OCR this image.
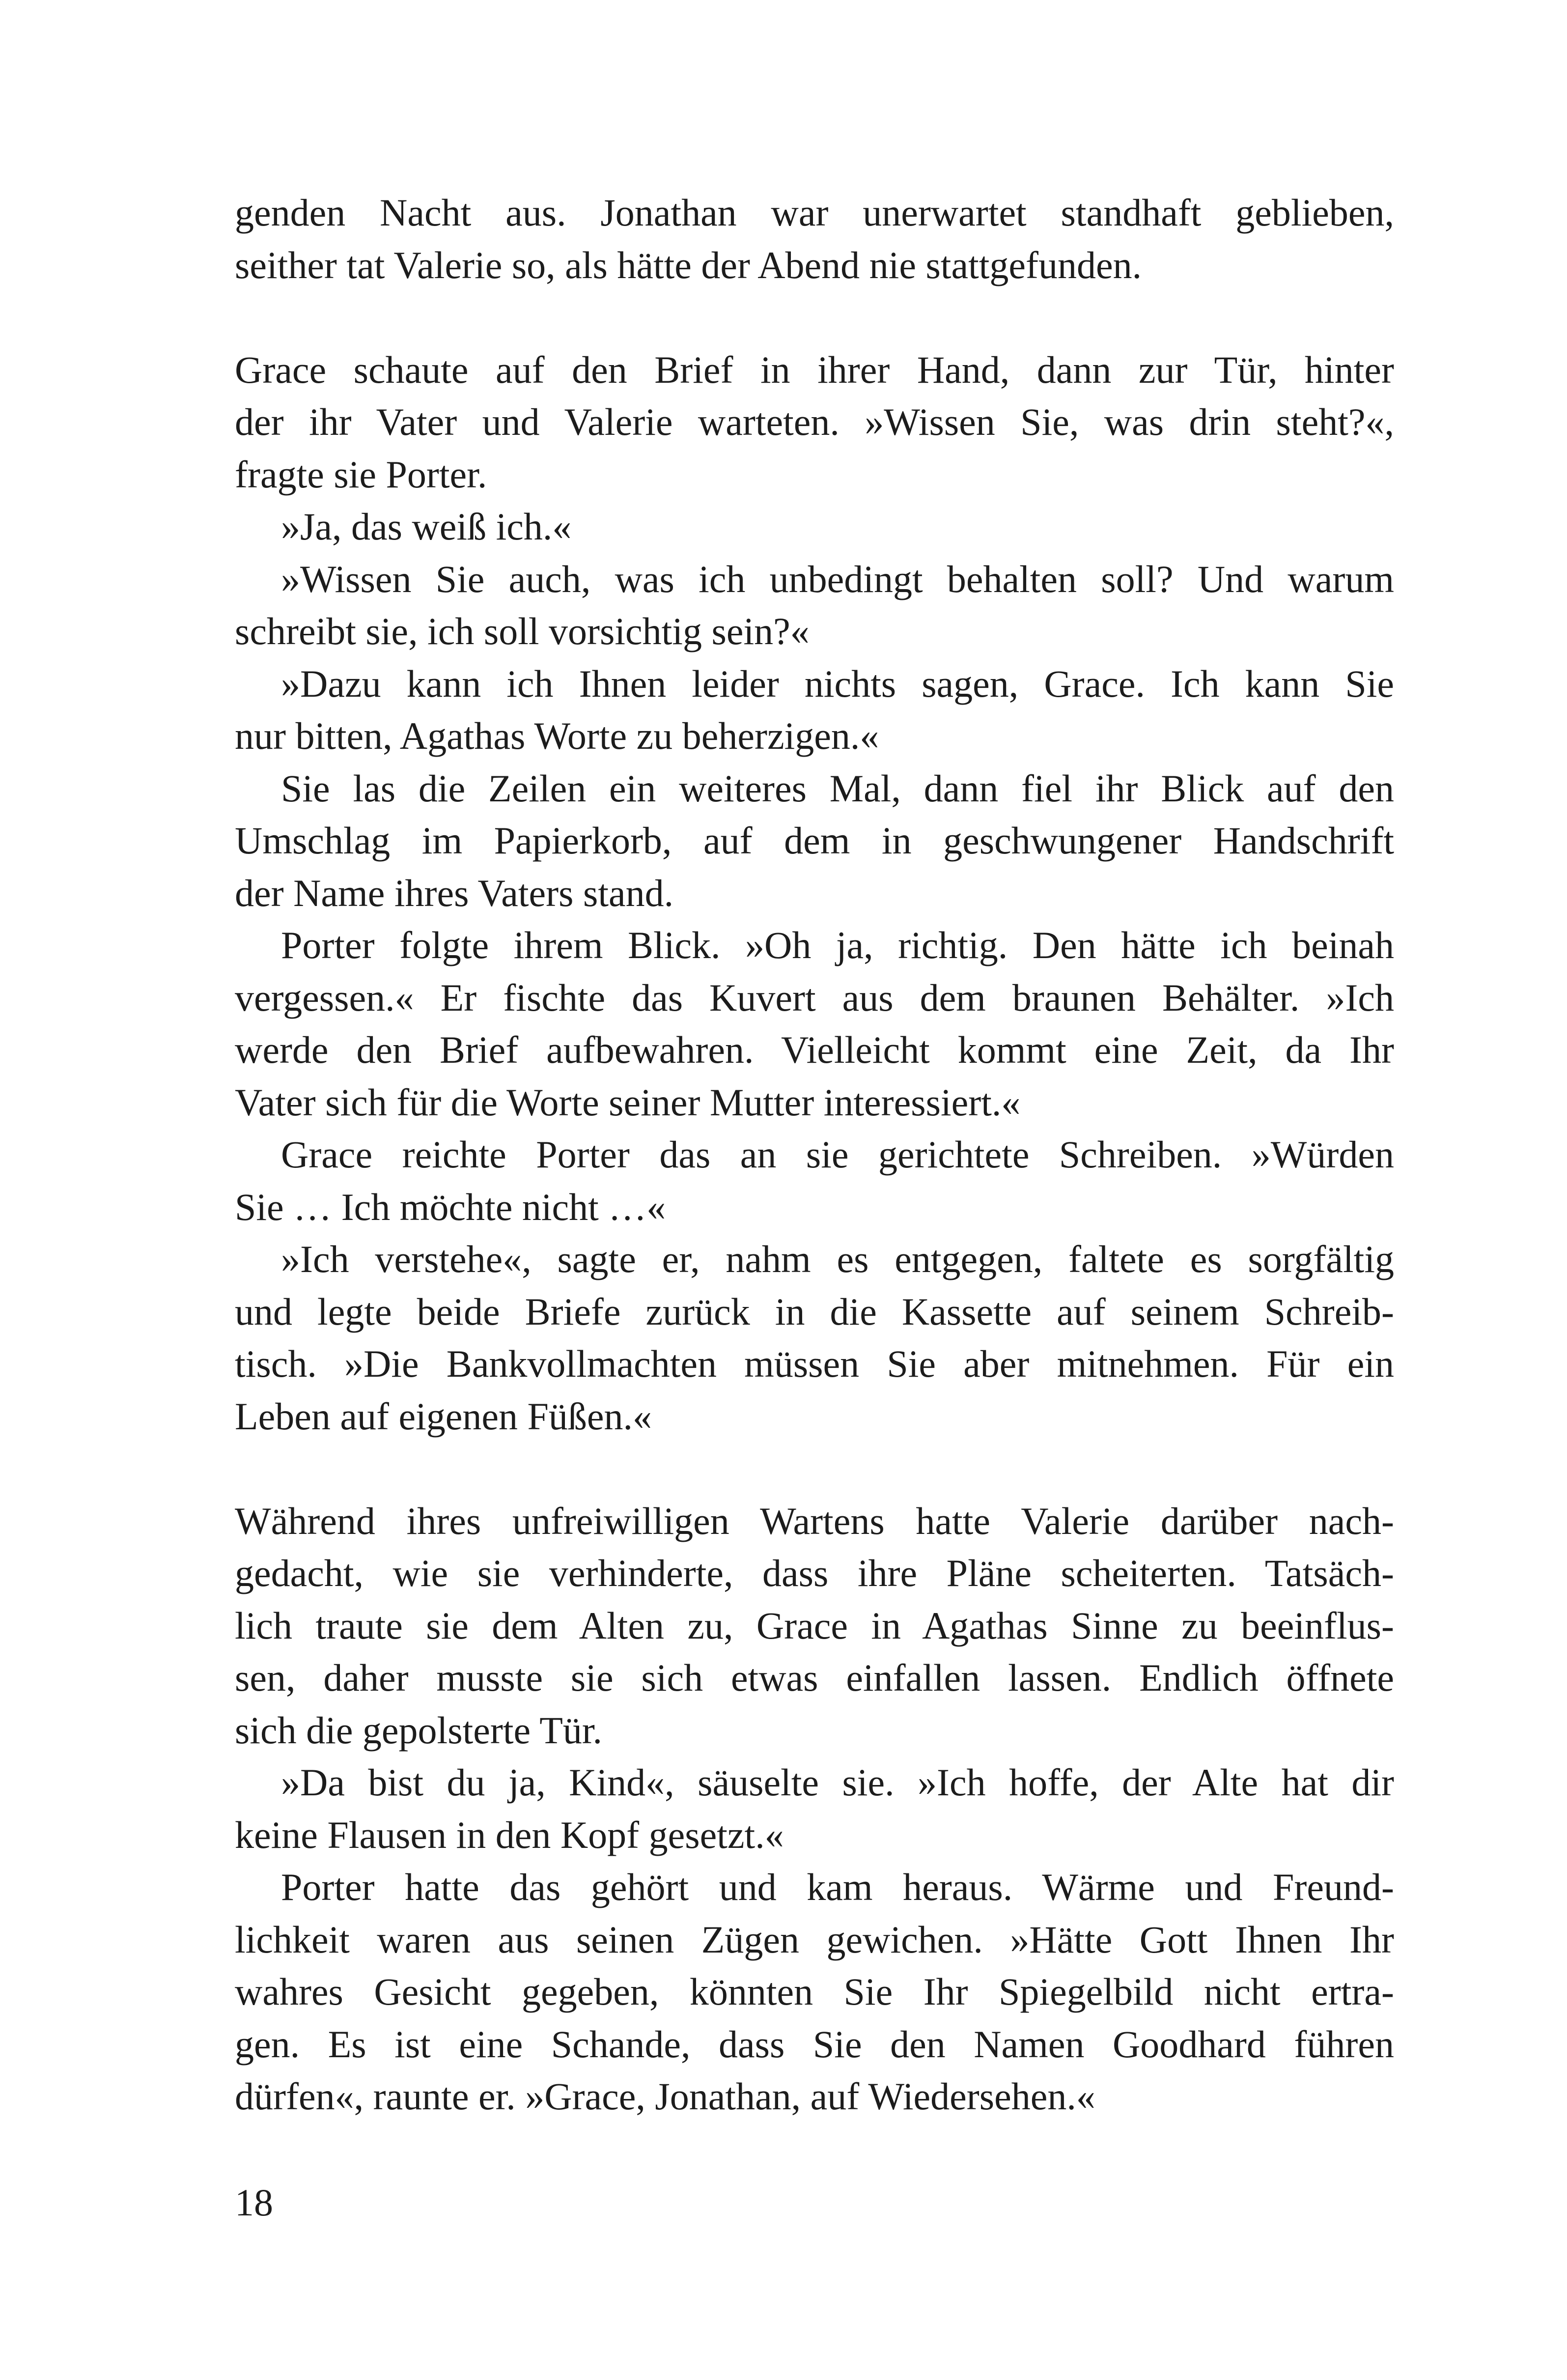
genden Nacht aus. Jonathan war unerwartet standhaft geblieben,
seither tat Valerie so, als hätte der Abend nie stattgefunden.
Grace schaute auf den Brief in ihrer Hand, dann zur Tür, hinter
der ihr Vater und Valerie warteten. »Wissen Sie, was drin steht?«,
fragte sie Porter.
»Ja, das weiß ich.«
»Wissen Sie auch, was ich unbedingt behalten soll? Und warum
schreibt sie, ich soll vorsichtig sein?«
»Dazu kann ich Ihnen leider nichts sagen, Grace. Ich kann Sie
nur bitten, Agathas Worte zu beherzigen.«
Sie las die Zeilen ein weiteres Mal, dann fiel ihr Blick auf den
Umschlag im Papierkorb, auf dem in geschwungener Handschrift
der Name ihres Vaters stand.
Porter folgte ihrem Blick. »Oh ja, richtig. Den hätte ich beinah
vergessen.« Er fischte das Kuvert aus dem braunen Behälter. »Ich
werde den Brief aufbewahren. Vielleicht kommt eine Zeit, da Ihr
Vater sich für die Worte seiner Mutter interessiert.«
Grace reichte Porter das an sie gerichtete Schreiben. »Würden
Sie … Ich möchte nicht …«
»Ich verstehe«, sagte er, nahm es entgegen, faltete es sorgfältig
und legte beide Briefe zurück in die Kassette auf seinem Schreib-
tisch. »Die Bankvollmachten müssen Sie aber mitnehmen. Für ein
Leben auf eigenen Füßen.«
Während ihres unfreiwilligen Wartens hatte Valerie darüber nach-
gedacht, wie sie verhinderte, dass ihre Pläne scheiterten. Tatsäch-
lich traute sie dem Alten zu, Grace in Agathas Sinne zu beeinflus-
sen, daher musste sie sich etwas einfallen lassen. Endlich öffnete
sich die gepolsterte Tür.
»Da bist du ja, Kind«, säuselte sie. »Ich hoffe, der Alte hat dir
keine Flausen in den Kopf gesetzt.«
Porter hatte das gehört und kam heraus. Wärme und Freund-
lichkeit waren aus seinen Zügen gewichen. »Hätte Gott Ihnen Ihr
wahres Gesicht gegeben, könnten Sie Ihr Spiegelbild nicht ertra-
gen. Es ist eine Schande, dass Sie den Namen Goodhard führen
dürfen«, raunte er. »Grace, Jonathan, auf Wiedersehen.«
18
